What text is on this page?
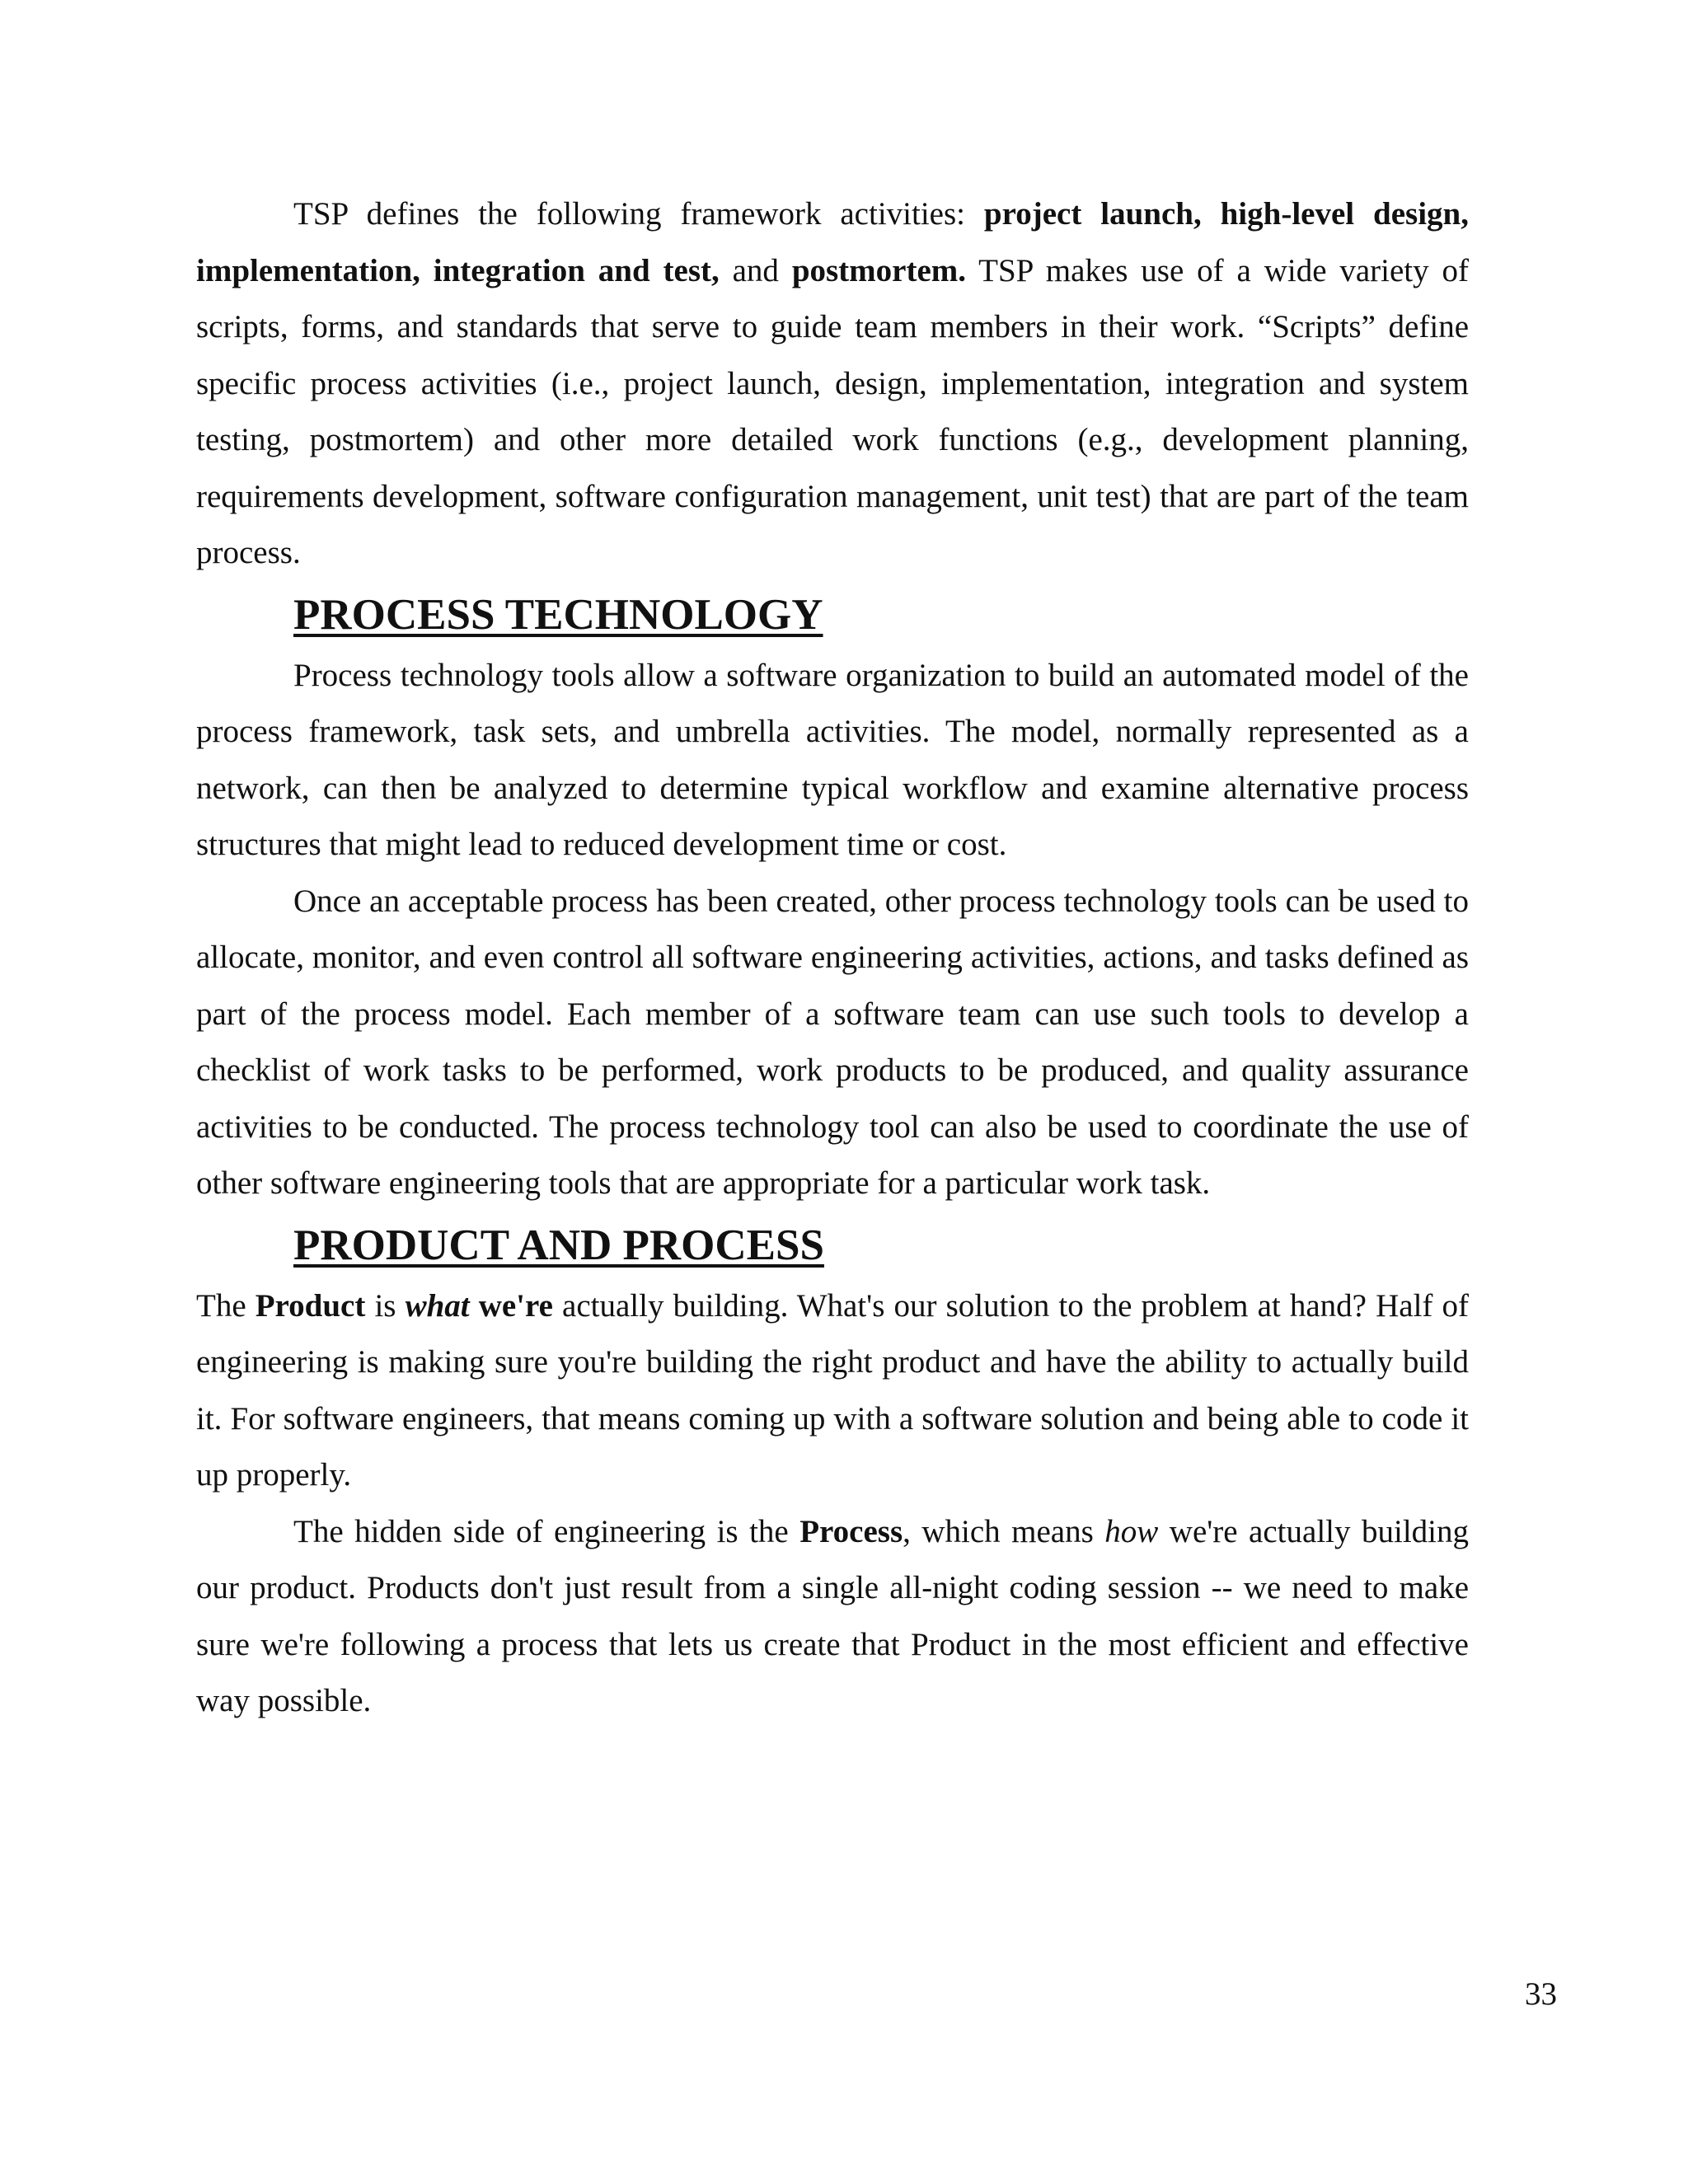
TSP defines the following framework activities: project launch, high-level design, implementation, integration and test, and postmortem. TSP makes use of a wide variety of scripts, forms, and standards that serve to guide team members in their work. “Scripts” define specific process activities (i.e., project launch, design, implementation, integration and system testing, postmortem) and other more detailed work functions (e.g., development planning, requirements development, software configuration management, unit test) that are part of the team process.

PROCESS TECHNOLOGY

Process technology tools allow a software organization to build an automated model of the process framework, task sets, and umbrella activities. The model, normally represented as a network, can then be analyzed to determine typical workflow and examine alternative process structures that might lead to reduced development time or cost.

Once an acceptable process has been created, other process technology tools can be used to allocate, monitor, and even control all software engineering activities, actions, and tasks defined as part of the process model. Each member of a software team can use such tools to develop a checklist of work tasks to be performed, work products to be produced, and quality assurance activities to be conducted. The process technology tool can also be used to coordinate the use of other software engineering tools that are appropriate for a particular work task.

PRODUCT AND PROCESS

The Product is what we're actually building. What's our solution to the problem at hand? Half of engineering is making sure you're building the right product and have the ability to actually build it. For software engineers, that means coming up with a software solution and being able to code it up properly.

The hidden side of engineering is the Process, which means how we're actually building our product. Products don't just result from a single all-night coding session -- we need to make sure we're following a process that lets us create that Product in the most efficient and effective way possible.

33
